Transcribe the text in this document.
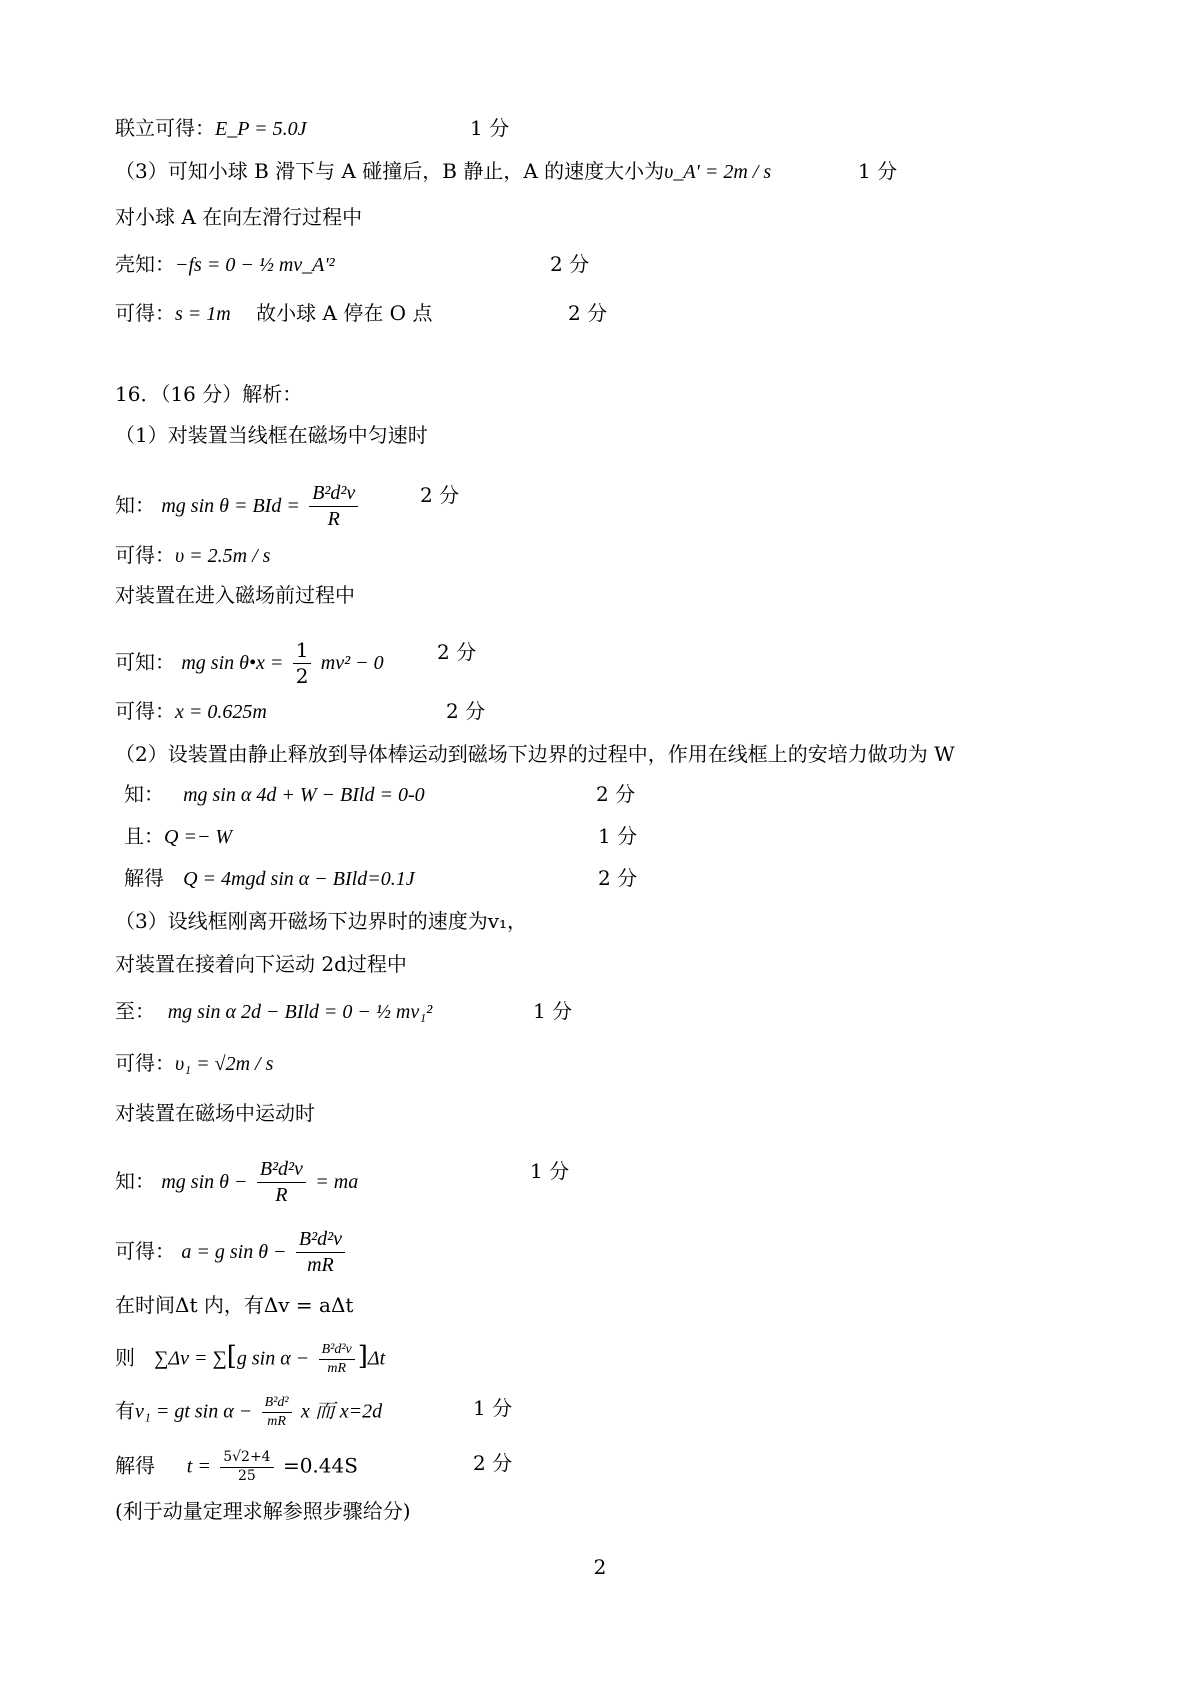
联立可得：E_P = 5.0J	1 分
（3）可知小球 B 滑下与 A 碰撞后，B 静止，A 的速度大小为υ_A' = 2m / s	1 分
对小球 A 在向左滑行过程中
壳知：−fs = 0 − ½ mv_A'²	2 分
可得：s = 1m 故小球 A 停在 O 点	2 分
16．（16 分）解析：
（1）对装置当线框在磁场中匀速时
知： mg sin θ = BId = $\frac{\text{B²d²v}}{R}$	2 分
可得：υ = 2.5m / s
对装置在进入磁场前过程中
可知： mg sin θ•x = $\frac{1}{2} mv^2 - 0$	2 分
可得：x = 0.625m	2 分
（2）设装置由静止释放到导体棒运动到磁场下边界的过程中，作用在线框上的安培力做功为 W
知： mg sin α 4d + W − BIld = 0-0	2 分
且：Q =− W	1 分
解得 Q = 4mgd sin α − BIld=0.1J	2 分
（3）设线框刚离开磁场下边界时的速度为v₁，
对装置在接着向下运动 2d过程中
至： mg sin α 2d − BIld = 0 − ½ mv₁²	1 分
可得：υ₁ = √2m / s
对装置在磁场中运动时
知： mg $\sin \theta - \frac{\text{B²d²v}}{R}$ = ma	1 分
可得： a = g $\sin \theta - \frac{\text{B²d²v}}{mR}$
在时间Δt 内，有Δv = aΔt
则 ∑Δv = ∑[g $\sin \alpha - \frac{\text{B²d²v}}{mR} ]\Delta t$
有v₁ = gt $\sin \alpha - \frac{\text{B²d²}}{mR}$ x 而 x=2d	1 分
解得 $t = \frac{5√2+4}{25} =0.44S$	2 分
(利于动量定理求解参照步骤给分)
2
